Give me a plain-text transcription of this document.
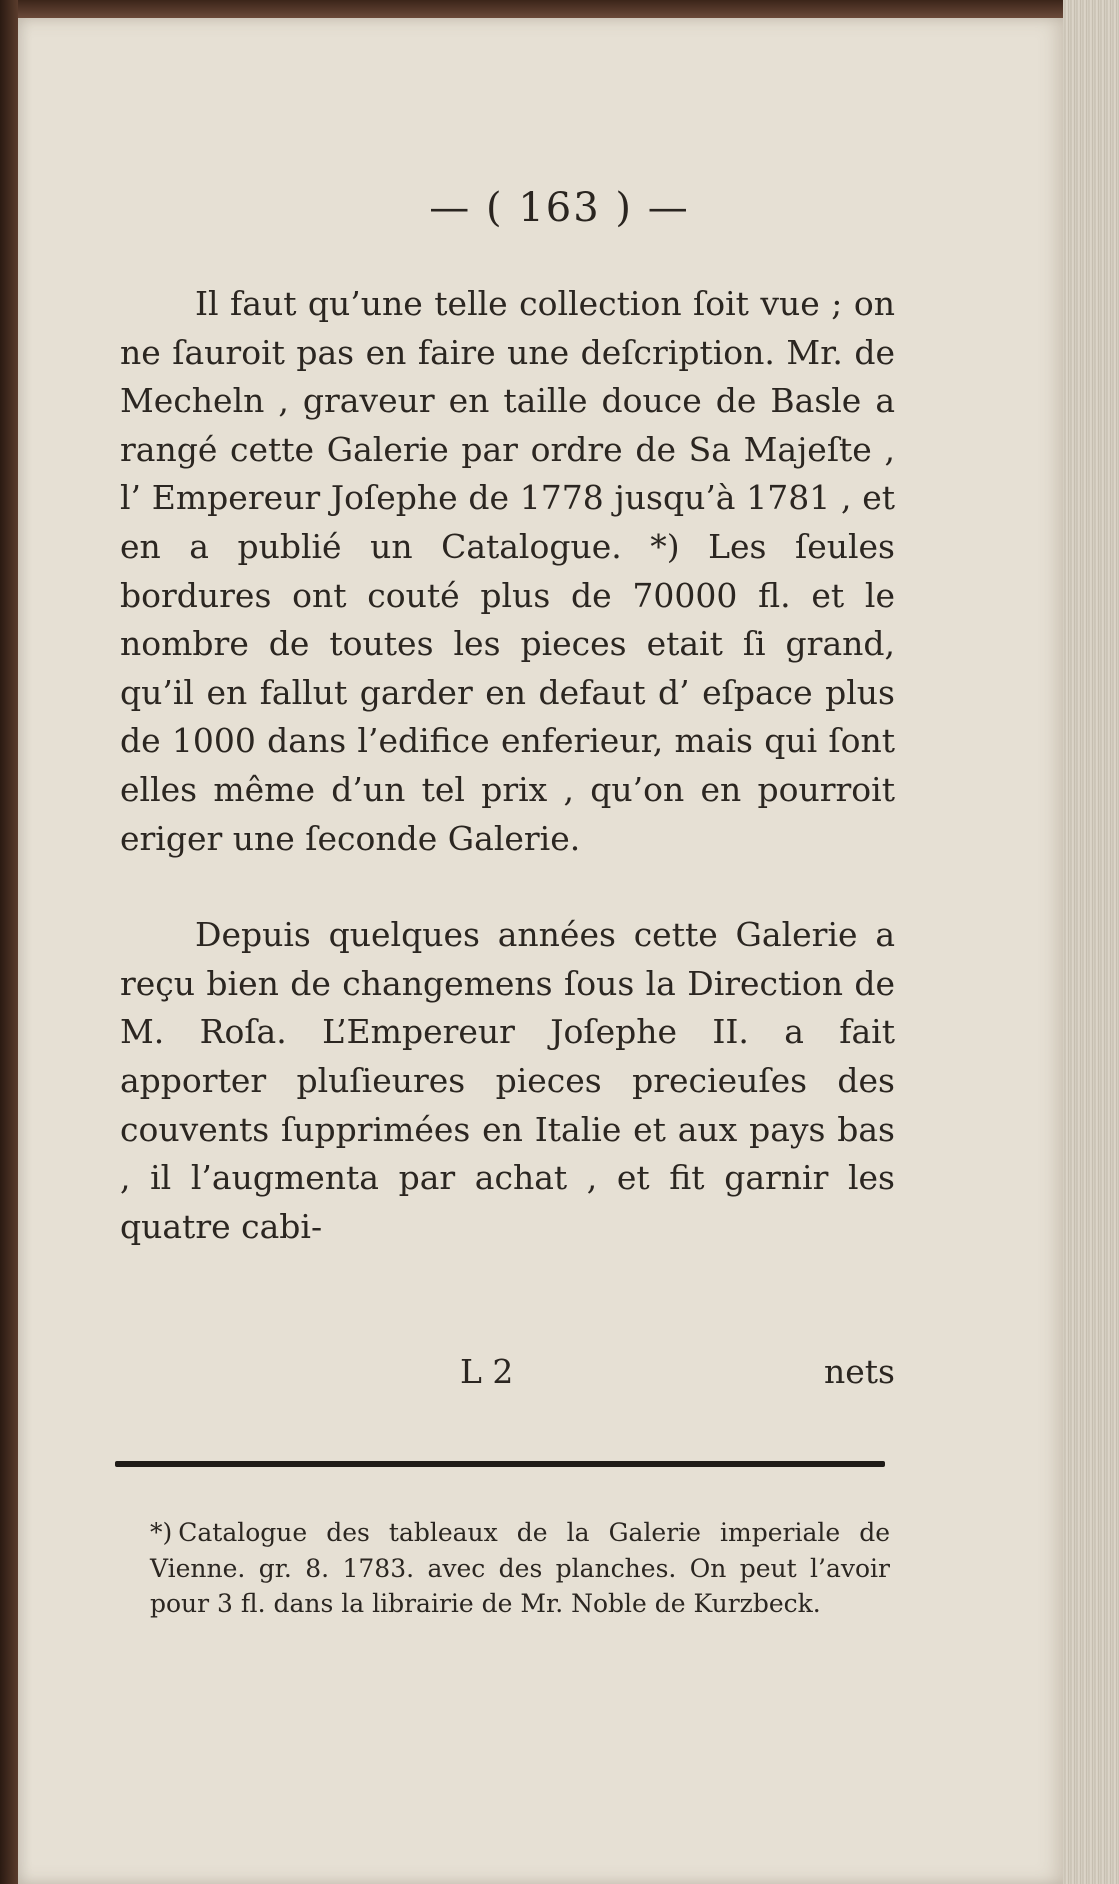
— ( 163 ) —

Il faut qu’une telle collection ſoit vue ; on ne ſauroit pas en faire une deſcription. Mr. de Mecheln , graveur en taille douce de Basle a rangé cette Galerie par ordre de Sa Majeſte , l’ Empereur Joſephe de 1778 jusqu’à 1781 , et en a publié un Catalogue. *) Les ſeules bordures ont couté plus de 70000 fl. et le nombre de toutes les pieces etait ſi grand, qu’il en fallut garder en defaut d’ eſpace plus de 1000 dans l’edifice enferieur, mais qui ſont elles même d’un tel prix , qu’on en pourroit eriger une ſeconde Galerie.

Depuis quelques années cette Galerie a reçu bien de changemens ſous la Direction de M. Roſa. L’Empereur Joſephe II. a fait apporter pluſieures pieces precieuſes des couvents ſupprimées en Italie et aux pays bas , il l’augmenta par achat , et fit garnir les quatre cabi-

L 2	nets
*) Catalogue des tableaux de la Galerie imperiale de Vienne. gr. 8. 1783. avec des planches. On peut l’avoir pour 3 fl. dans la librairie de Mr. Noble de Kurzbeck.
